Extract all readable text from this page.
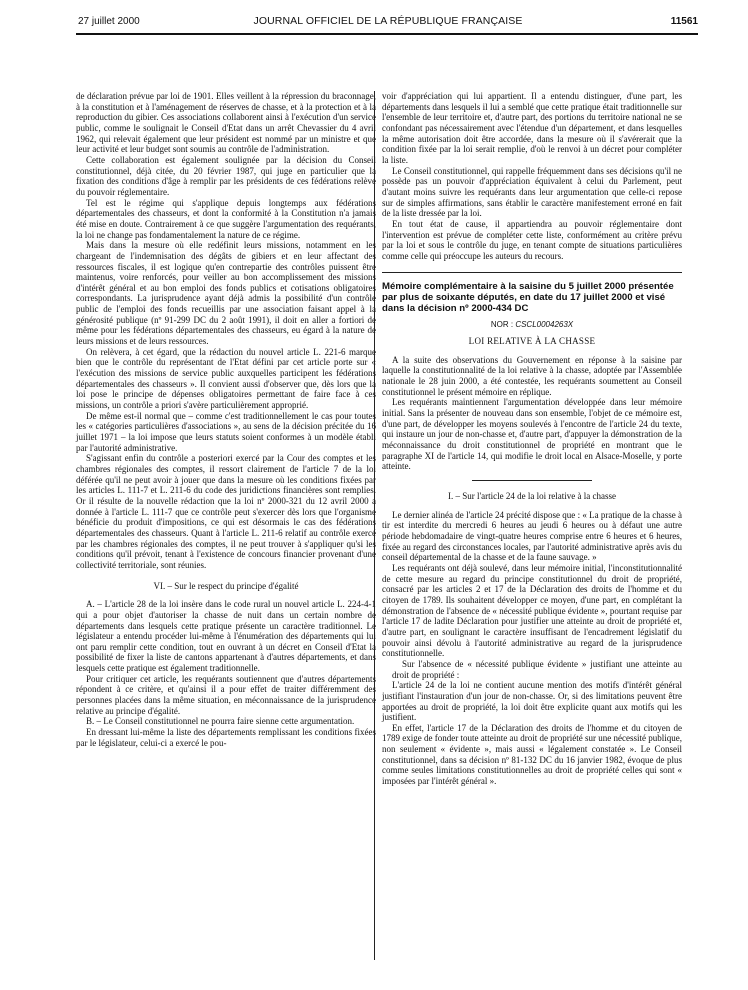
27 juillet 2000	JOURNAL OFFICIEL DE LA RÉPUBLIQUE FRANÇAISE	11561

de déclaration prévue par loi de 1901. Elles veillent à la répression du braconnage, à la constitution et à l'aménagement de réserves de chasse, et à la protection et à la reproduction du gibier. Ces associations collaborent ainsi à l'exécution d'un service public, comme le soulignait le Conseil d'Etat dans un arrêt Chevassier du 4 avril 1962, qui relevait également que leur président est nommé par un ministre et que leur activité et leur budget sont soumis au contrôle de l'administration.

Cette collaboration est également soulignée par la décision du Conseil constitutionnel, déjà citée, du 20 février 1987, qui juge en particulier que la fixation des conditions d'âge à remplir par les présidents de ces fédérations relève du pouvoir réglementaire.

Tel est le régime qui s'applique depuis longtemps aux fédérations départementales des chasseurs, et dont la conformité à la Constitution n'a jamais été mise en doute. Contrairement à ce que suggère l'argumentation des requérants, la loi ne change pas fondamentalement la nature de ce régime.

Mais dans la mesure où elle redéfinit leurs missions, notamment en les chargeant de l'indemnisation des dégâts de gibiers et en leur affectant des ressources fiscales, il est logique qu'en contrepartie des contrôles puissent être maintenus, voire renforcés, pour veiller au bon accomplissement des missions d'intérêt général et au bon emploi des fonds publics et cotisations obligatoires correspondants. La jurisprudence ayant déjà admis la possibilité d'un contrôle public de l'emploi des fonds recueillis par une association faisant appel à la générosité publique (nº 91-299 DC du 2 août 1991), il doit en aller a fortiori de même pour les fédérations départementales des chasseurs, eu égard à la nature de leurs missions et de leurs ressources.

On relèvera, à cet égard, que la rédaction du nouvel article L. 221-6 marque bien que le contrôle du représentant de l'Etat défini par cet article porte sur « l'exécution des missions de service public auxquelles participent les fédérations départementales des chasseurs ». Il convient aussi d'observer que, dès lors que la loi pose le principe de dépenses obligatoires permettant de faire face à ces missions, un contrôle a priori s'avère particulièrement approprié.

De même est-il normal que – comme c'est traditionnellement le cas pour toutes les « catégories particulières d'associations », au sens de la décision précitée du 16 juillet 1971 – la loi impose que leurs statuts soient conformes à un modèle établi par l'autorité administrative.

S'agissant enfin du contrôle a posteriori exercé par la Cour des comptes et les chambres régionales des comptes, il ressort clairement de l'article 7 de la loi déférée qu'il ne peut avoir à jouer que dans la mesure où les conditions fixées par les articles L. 111-7 et L. 211-6 du code des juridictions financières sont remplies. Or il résulte de la nouvelle rédaction que la loi nº 2000-321 du 12 avril 2000 a donnée à l'article L. 111-7 que ce contrôle peut s'exercer dès lors que l'organisme bénéficie du produit d'impositions, ce qui est désormais le cas des fédérations départementales des chasseurs. Quant à l'article L. 211-6 relatif au contrôle exercé par les chambres régionales des comptes, il ne peut trouver à s'appliquer qu'si les conditions qu'il prévoit, tenant à l'existence de concours financier provenant d'une collectivité territoriale, sont réunies.

VI. – Sur le respect du principe d'égalité

A. – L'article 28 de la loi insère dans le code rural un nouvel article L. 224-4-1 qui a pour objet d'autoriser la chasse de nuit dans un certain nombre de départements dans lesquels cette pratique présente un caractère traditionnel. Le législateur a entendu procéder lui-même à l'énumération des départements qui lui ont paru remplir cette condition, tout en ouvrant à un décret en Conseil d'Etat la possibilité de fixer la liste de cantons appartenant à d'autres départements, et dans lesquels cette pratique est également traditionnelle.

Pour critiquer cet article, les requérants soutiennent que d'autres départements répondent à ce critère, et qu'ainsi il a pour effet de traiter différemment des personnes placées dans la même situation, en méconnaissance de la jurisprudence relative au principe d'égalité.

B. – Le Conseil constitutionnel ne pourra faire sienne cette argumentation.

En dressant lui-même la liste des départements remplissant les conditions fixées par le législateur, celui-ci a exercé le pou-

voir d'appréciation qui lui appartient. Il a entendu distinguer, d'une part, les départements dans lesquels il lui a semblé que cette pratique était traditionnelle sur l'ensemble de leur territoire et, d'autre part, des portions du territoire national ne se confondant pas nécessairement avec l'étendue d'un département, et dans lesquelles la même autorisation doit être accordée, dans la mesure où il s'avérerait que la condition fixée par la loi serait remplie, d'où le renvoi à un décret pour compléter la liste.

Le Conseil constitutionnel, qui rappelle fréquemment dans ses décisions qu'il ne possède pas un pouvoir d'appréciation équivalent à celui du Parlement, peut d'autant moins suivre les requérants dans leur argumentation que celle-ci repose sur de simples affirmations, sans établir le caractère manifestement erroné en fait de la liste dressée par la loi.

En tout état de cause, il appartiendra au pouvoir réglementaire dont l'intervention est prévue de compléter cette liste, conformément au critère prévu par la loi et sous le contrôle du juge, en tenant compte de situations particulières comme celle qui préoccupe les auteurs du recours.

Mémoire complémentaire à la saisine du 5 juillet 2000 présentée par plus de soixante députés, en date du 17 juillet 2000 et visé dans la décision nº 2000-434 DC
NOR : CSCL0004263X
LOI RELATIVE À LA CHASSE

A la suite des observations du Gouvernement en réponse à la saisine par laquelle la constitutionnalité de la loi relative à la chasse, adoptée par l'Assemblée nationale le 28 juin 2000, a été contestée, les requérants soumettent au Conseil constitutionnel le présent mémoire en réplique.

Les requérants maintiennent l'argumentation développée dans leur mémoire initial. Sans la présenter de nouveau dans son ensemble, l'objet de ce mémoire est, d'une part, de développer les moyens soulevés à l'encontre de l'article 24 du texte, qui instaure un jour de non-chasse et, d'autre part, d'appuyer la démonstration de la méconnaissance du droit constitutionnel de propriété en montrant que le paragraphe XI de l'article 14, qui modifie le droit local en Alsace-Moselle, y porte atteinte.

I. – Sur l'article 24 de la loi relative à la chasse

Le dernier alinéa de l'article 24 précité dispose que : « La pratique de la chasse à tir est interdite du mercredi 6 heures au jeudi 6 heures ou à défaut une autre période hebdomadaire de vingt-quatre heures comprise entre 6 heures et 6 heures, fixée au regard des circonstances locales, par l'autorité administrative après avis du conseil départemental de la chasse et de la faune sauvage. »

Les requérants ont déjà soulevé, dans leur mémoire initial, l'inconstitutionnalité de cette mesure au regard du principe constitutionnel du droit de propriété, consacré par les articles 2 et 17 de la Déclaration des droits de l'homme et du citoyen de 1789. Ils souhaitent développer ce moyen, d'une part, en complétant la démonstration de l'absence de « nécessité publique évidente », pourtant requise par l'article 17 de ladite Déclaration pour justifier une atteinte au droit de propriété et, d'autre part, en soulignant le caractère insuffisant de l'encadrement législatif du pouvoir ainsi dévolu à l'autorité administrative au regard de la jurisprudence constitutionnelle.

Sur l'absence de « nécessité publique évidente » justifiant une atteinte au droit de propriété :

L'article 24 de la loi ne contient aucune mention des motifs d'intérêt général justifiant l'instauration d'un jour de non-chasse. Or, si des limitations peuvent être apportées au droit de propriété, la loi doit être explicite quant aux motifs qui les justifient.

En effet, l'article 17 de la Déclaration des droits de l'homme et du citoyen de 1789 exige de fonder toute atteinte au droit de propriété sur une nécessité publique, non seulement « évidente », mais aussi « légalement constatée ». Le Conseil constitutionnel, dans sa décision nº 81-132 DC du 16 janvier 1982, évoque de plus comme seules limitations constitutionnelles au droit de propriété celles qui sont « imposées par l'intérêt général ».
